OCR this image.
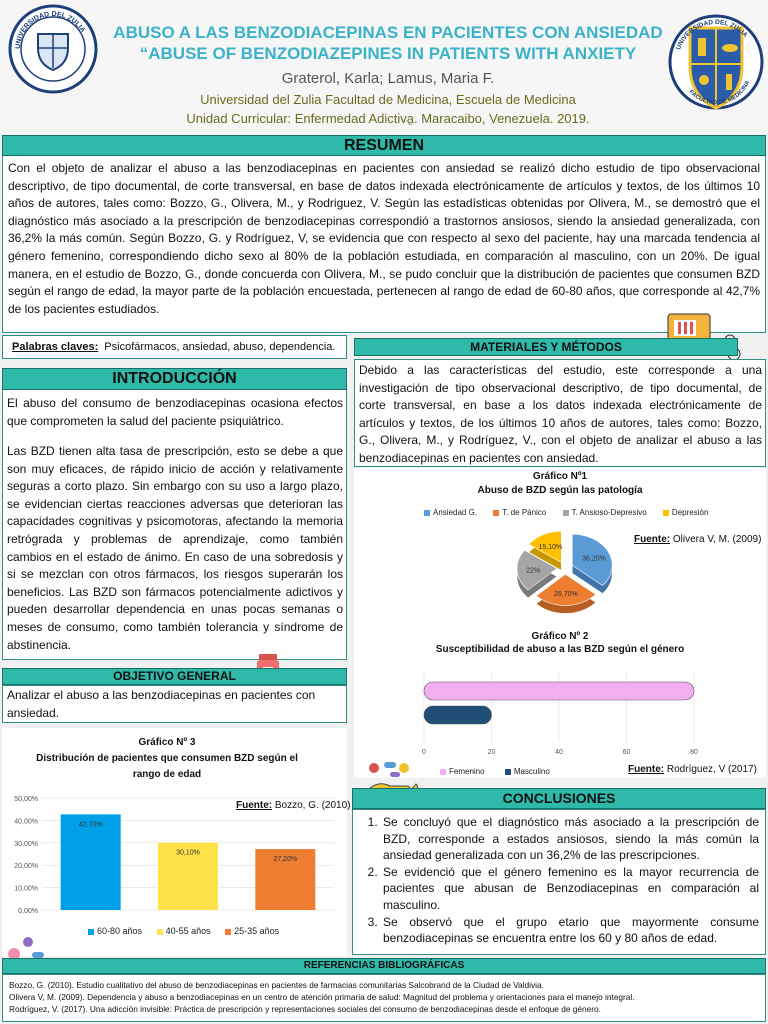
UNIVERSIDAD DEL ZULIA
UNIVERSIDAD DEL ZULIA
FACULTAD DE MEDICINA
ABUSO A LAS BENZODIACEPINAS EN PACIENTES CON ANSIEDAD
“ABUSE OF BENZODIAZEPINES IN PATIENTS WITH ANXIETY
Graterol, Karla; Lamus, Maria F.
Universidad del Zulia Facultad de Medicina, Escuela de Medicina
Unidad Curricular: Enfermedad Adictiva̱. Maracaibo, Venezuela. 2019.
RESUMEN
Con el objeto de analizar el abuso a las benzodiacepinas en pacientes con ansiedad se realizó dicho estudio de tipo observacional descriptivo, de tipo documental, de corte transversal, en base de datos indexada electrónicamente de artículos y textos, de los últimos 10 años de autores, tales como: Bozzo, G., Olivera, M., y Rodriguez, V. Según las estadísticas obtenidas por Olivera, M., se demostró que el diagnóstico más asociado a la prescripción de benzodiacepinas correspondió a trastornos ansiosos, siendo la ansiedad generalizada, con 36,2% la más común. Según Bozzo, G. y Rodríguez, V, se evidencia que con respecto al sexo del paciente, hay una marcada tendencia al género femenino, correspondiendo dicho sexo al 80% de la población estudiada, en comparación al masculino, con un 20%. De igual manera, en el estudio de Bozzo, G., donde concuerda con Olivera, M., se pudo concluir que la distribución de pacientes que consumen BZD según el rango de edad, la mayor parte de la población encuestada, pertenecen al rango de edad de 60-80 años, que corresponde al 42,7% de los pacientes estudiados.
Palabras claves: Psicofármacos, ansiedad, abuso, dependencia.
INTRODUCCIÓN
El abuso del consumo de benzodiacepinas ocasiona efectos que comprometen la salud del paciente psiquiátrico.
Las BZD tienen alta tasa de prescripción, esto se debe a que son muy eficaces, de rápido inicio de acción y relativamente seguras a corto plazo. Sin embargo con su uso a largo plazo, se evidencian ciertas reacciones adversas que deterioran las capacidades cognitivas y psicomotoras, afectando la memoria retrógrada y problemas de aprendizaje, como también cambios en el estado de ánimo. En caso de una sobredosis y si se mezclan con otros fármacos, los riesgos superarán los beneficios. Las BZD son fármacos potencialmente adictivos y pueden desarrollar dependencia en unas pocas semanas o meses de consumo, como también tolerancia y síndrome de abstinencia.
OBJETIVO GENERAL
Analizar el abuso a las benzodiacepinas en pacientes con ansiedad.
MATERIALES Y MÉTODOS
Debido a las características del estudio, este corresponde a una investigación de tipo observacional descriptivo, de tipo documental, de corte transversal, en base a los datos indexada electrónicamente de artículos y textos, de los últimos 10 años de autores, tales como: Bozzo, G., Olivera, M., y Rodríguez, V., con el objeto de analizar el abuso a las benzodiacepinas en pacientes con ansiedad.
Gráfico Nº1
Abuso de BZD según las patología
Ansiedad G.	T. de Pánico	T. Ansioso-Depresivo	Depresión
36,20%
26,70%
22%
15,10%
Fuente: Olivera V, M. (2009)
Gráfico Nº 2
Susceptibilidad de abuso a las BZD según el género
0	20	40	60	80
Femenino	Masculino	Fuente: Rodríguez, V (2017)
CONCLUSIONES
1. Se concluyó que el diagnóstico más asociado a la prescripción de BZD, corresponde a estados ansiosos, siendo la más común la ansiedad generalizada con un 36,2% de las prescripciones.
2. Se evidenció que el género femenino es la mayor recurrencia de pacientes que abusan de Benzodiacepinas en comparación al masculino.
3. Se observó que el grupo etario que mayormente consume benzodiacepinas se encuentra entre los 60 y 80 años de edad.
Gráfico Nº 3
Distribución de pacientes que consumen BZD según el
rango de edad
0,00%
10,00%
20,00%
30,00%
40,00%
50,00%
42,70%
30,10%
27,20%
Fuente: Bozzo, G. (2010)
60-80 años	40-55 años	25-35 años
REFERENCIAS BIBLIOGRÁFICAS
Bozzo, G. (2010). Estudio cualitativo del abuso de benzodiacepinas en pacientes de farmacias comunitarias Salcobrand de la Ciudad de Valdivia.
Olivera V, M. (2009). Dependencia y abuso a benzodiacepinas en un centro de atención primaria de salud: Magnitud del problema y orientaciones para el manejo integral.
Rodríguez, V. (2017). Una adicción invisible: Práctica de prescripción y representaciones sociales del consumo de benzodiacepinas desde el enfoque de género.
